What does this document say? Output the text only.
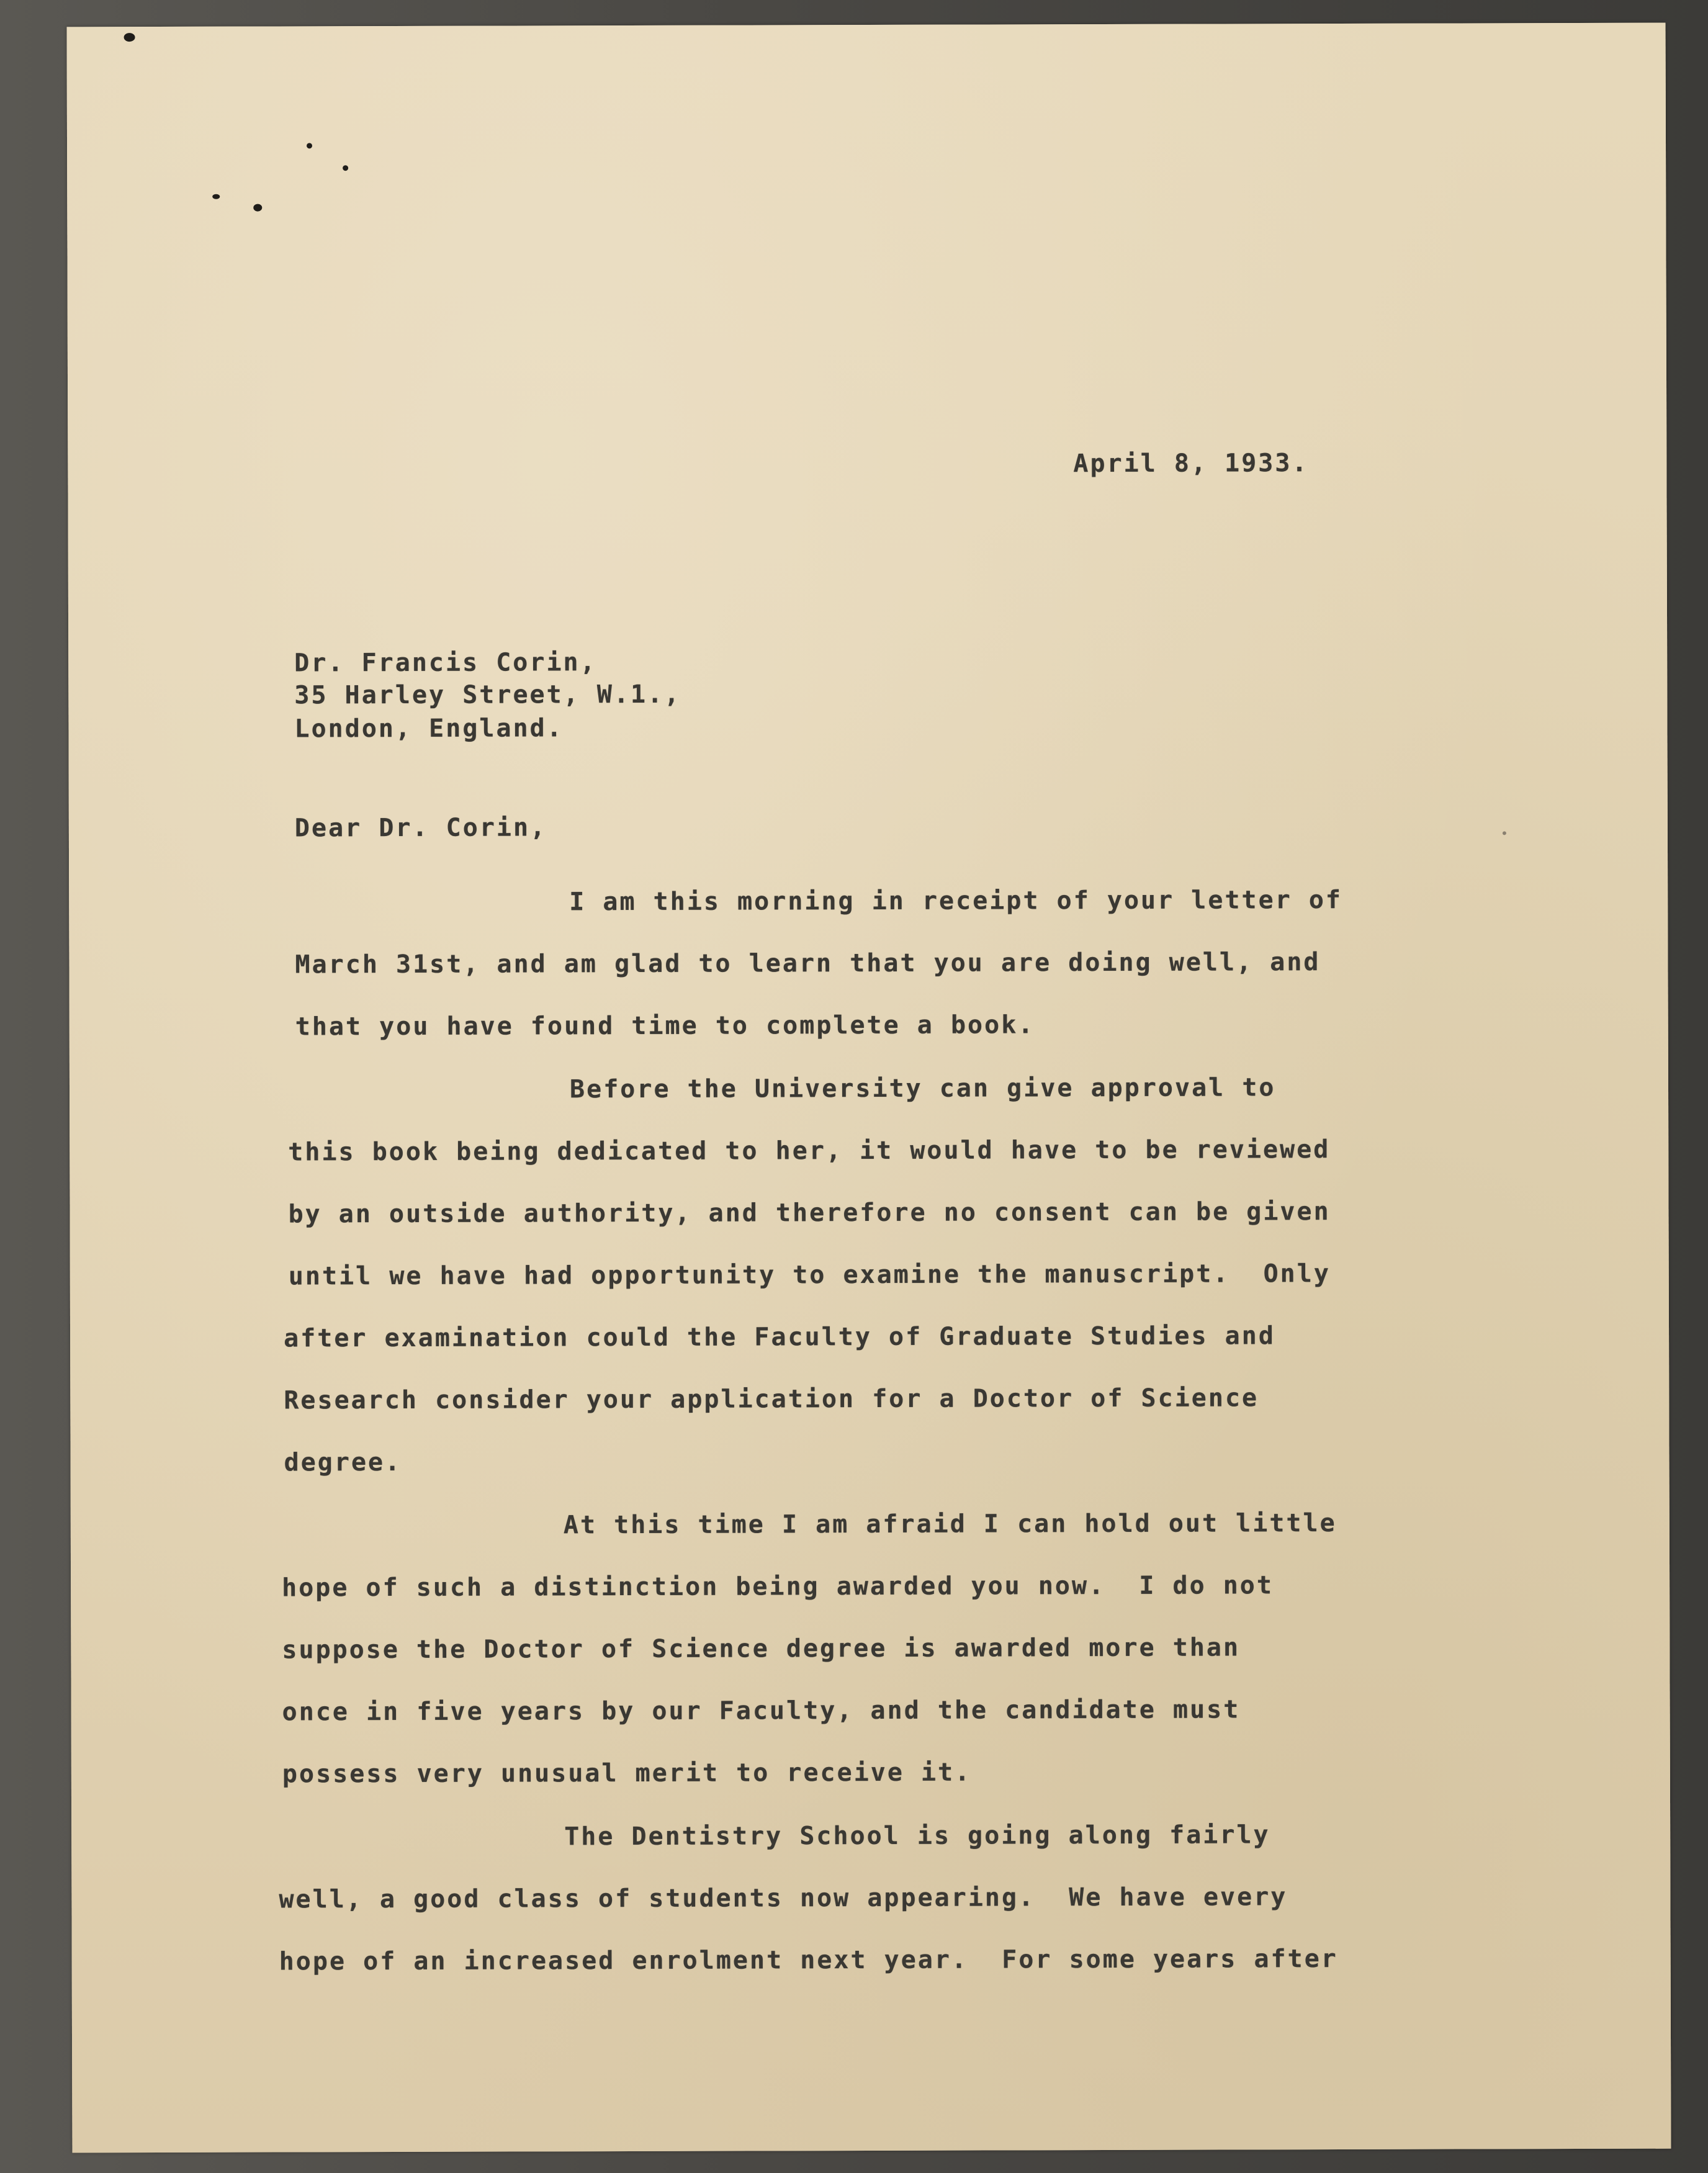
April 8, 1933.
Dr. Francis Corin,
35 Harley Street, W.1.,
London, England.
Dear Dr. Corin,
I am this morning in receipt of your letter of
March 31st, and am glad to learn that you are doing well, and
that you have found time to complete a book.
Before the University can give approval to
this book being dedicated to her, it would have to be reviewed
by an outside authority, and therefore no consent can be given
until we have had opportunity to examine the manuscript.  Only
after examination could the Faculty of Graduate Studies and
Research consider your application for a Doctor of Science
degree.
At this time I am afraid I can hold out little
hope of such a distinction being awarded you now.  I do not
suppose the Doctor of Science degree is awarded more than
once in five years by our Faculty, and the candidate must
possess very unusual merit to receive it.
The Dentistry School is going along fairly
well, a good class of students now appearing.  We have every
hope of an increased enrolment next year.  For some years after
